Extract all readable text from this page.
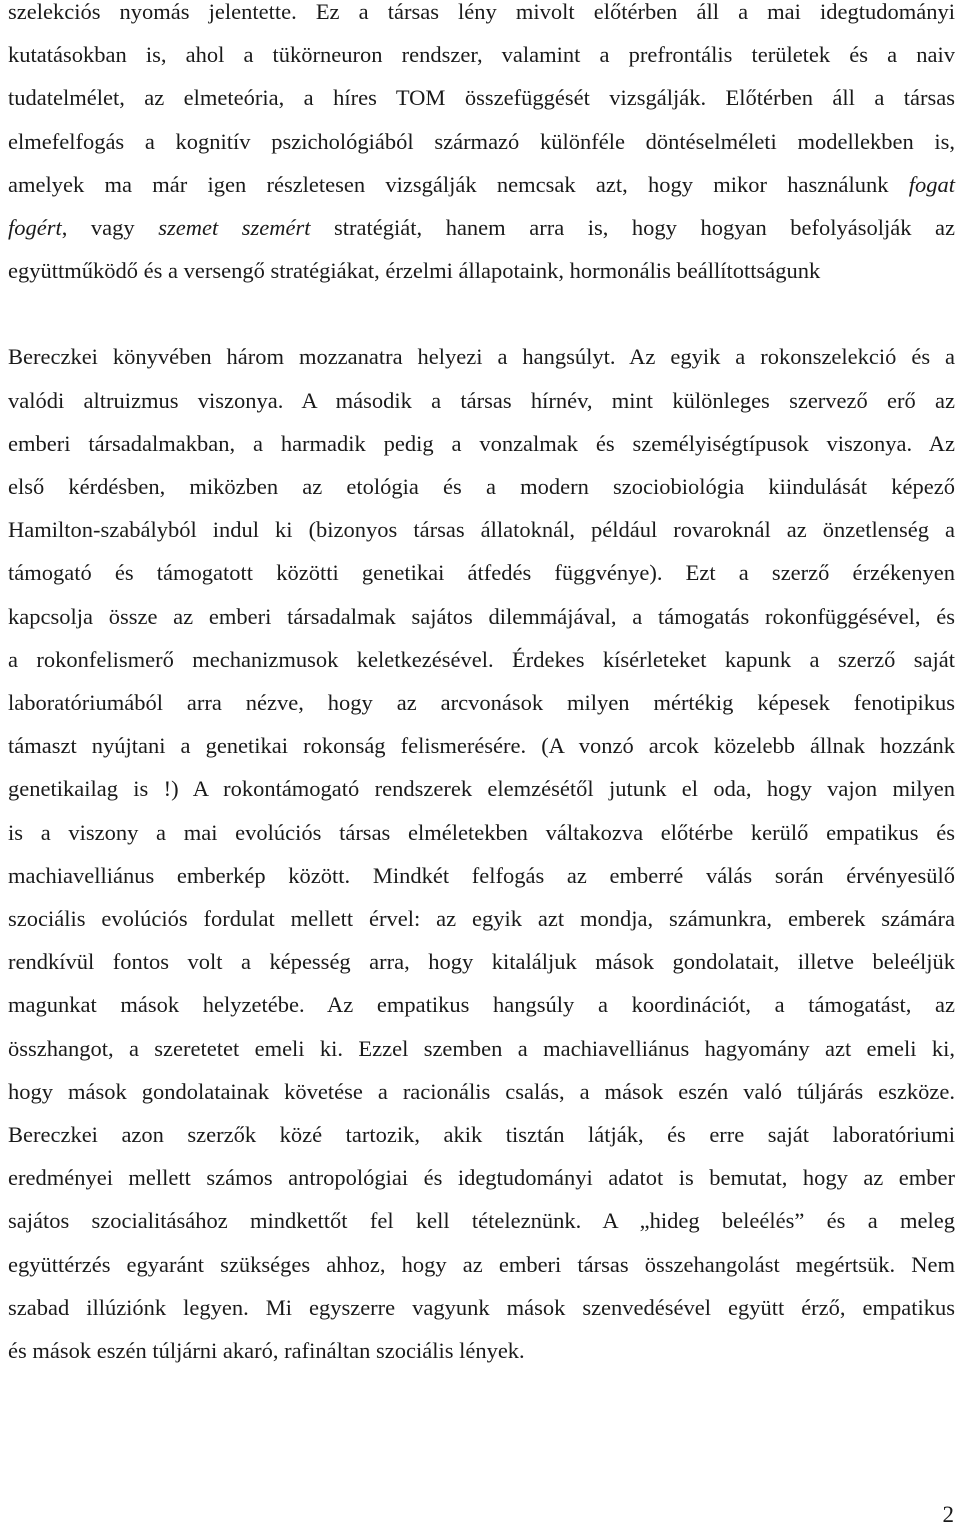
szelekciós nyomás jelentette. Ez a társas lény mivolt előtérben áll a mai idegtudományi
kutatásokban is, ahol a tükörneuron rendszer, valamint a prefrontális területek és a naiv
tudatelmélet, az elmeteória, a híres TOM összefüggését vizsgálják. Előtérben áll a társas
elmefelfogás a kognitív pszichológiából származó különféle döntéselméleti modellekben is,
amelyek ma már igen részletesen vizsgálják nemcsak azt, hogy mikor használunk fogat
fogért, vagy szemet szemért stratégiát, hanem arra is, hogy hogyan befolyásolják az
együttműködő és a versengő stratégiákat, érzelmi állapotaink, hormonális beállítottságunk
Bereczkei könyvében három mozzanatra helyezi a hangsúlyt. Az egyik a rokonszelekció és a
valódi altruizmus viszonya. A második a társas hírnév, mint különleges szervező erő az
emberi társadalmakban, a harmadik pedig a vonzalmak és személyiségtípusok viszonya. Az
első kérdésben, miközben az etológia és a modern szociobiológia kiindulását képező
Hamilton-szabályból indul ki (bizonyos társas állatoknál, például rovaroknál az önzetlenség a
támogató és támogatott közötti genetikai átfedés függvénye). Ezt a szerző érzékenyen
kapcsolja össze az emberi társadalmak sajátos dilemmájával, a támogatás rokonfüggésével, és
a rokonfelismerő mechanizmusok keletkezésével. Érdekes kísérleteket kapunk a szerző saját
laboratóriumából arra nézve, hogy az arcvonások milyen mértékig képesek fenotipikus
támaszt nyújtani a genetikai rokonság felismerésére. (A vonzó arcok közelebb állnak hozzánk
genetikailag is !) A rokontámogató rendszerek elemzésétől jutunk el oda, hogy vajon milyen
is a viszony a mai evolúciós társas elméletekben váltakozva előtérbe kerülő empatikus és
machiavelliánus emberkép között. Mindkét felfogás az emberré válás során érvényesülő
szociális evolúciós fordulat mellett érvel: az egyik azt mondja, számunkra, emberek számára
rendkívül fontos volt a képesség arra, hogy kitaláljuk mások gondolatait, illetve beleéljük
magunkat mások helyzetébe. Az empatikus hangsúly a koordinációt, a támogatást, az
összhangot, a szeretetet emeli ki. Ezzel szemben a machiavelliánus hagyomány azt emeli ki,
hogy mások gondolatainak követése a racionális csalás, a mások eszén való túljárás eszköze.
Bereczkei azon szerzők közé tartozik, akik tisztán látják, és erre saját laboratóriumi
eredményei mellett számos antropológiai és idegtudományi adatot is bemutat, hogy az ember
sajátos szocialitásához mindkettőt fel kell tételeznünk. A „hideg beleélés” és a meleg
együttérzés egyaránt szükséges ahhoz, hogy az emberi társas összehangolást megértsük. Nem
szabad illúziónk legyen. Mi egyszerre vagyunk mások szenvedésével együtt érző, empatikus
és mások eszén túljárni akaró, rafináltan szociális lények.
2
